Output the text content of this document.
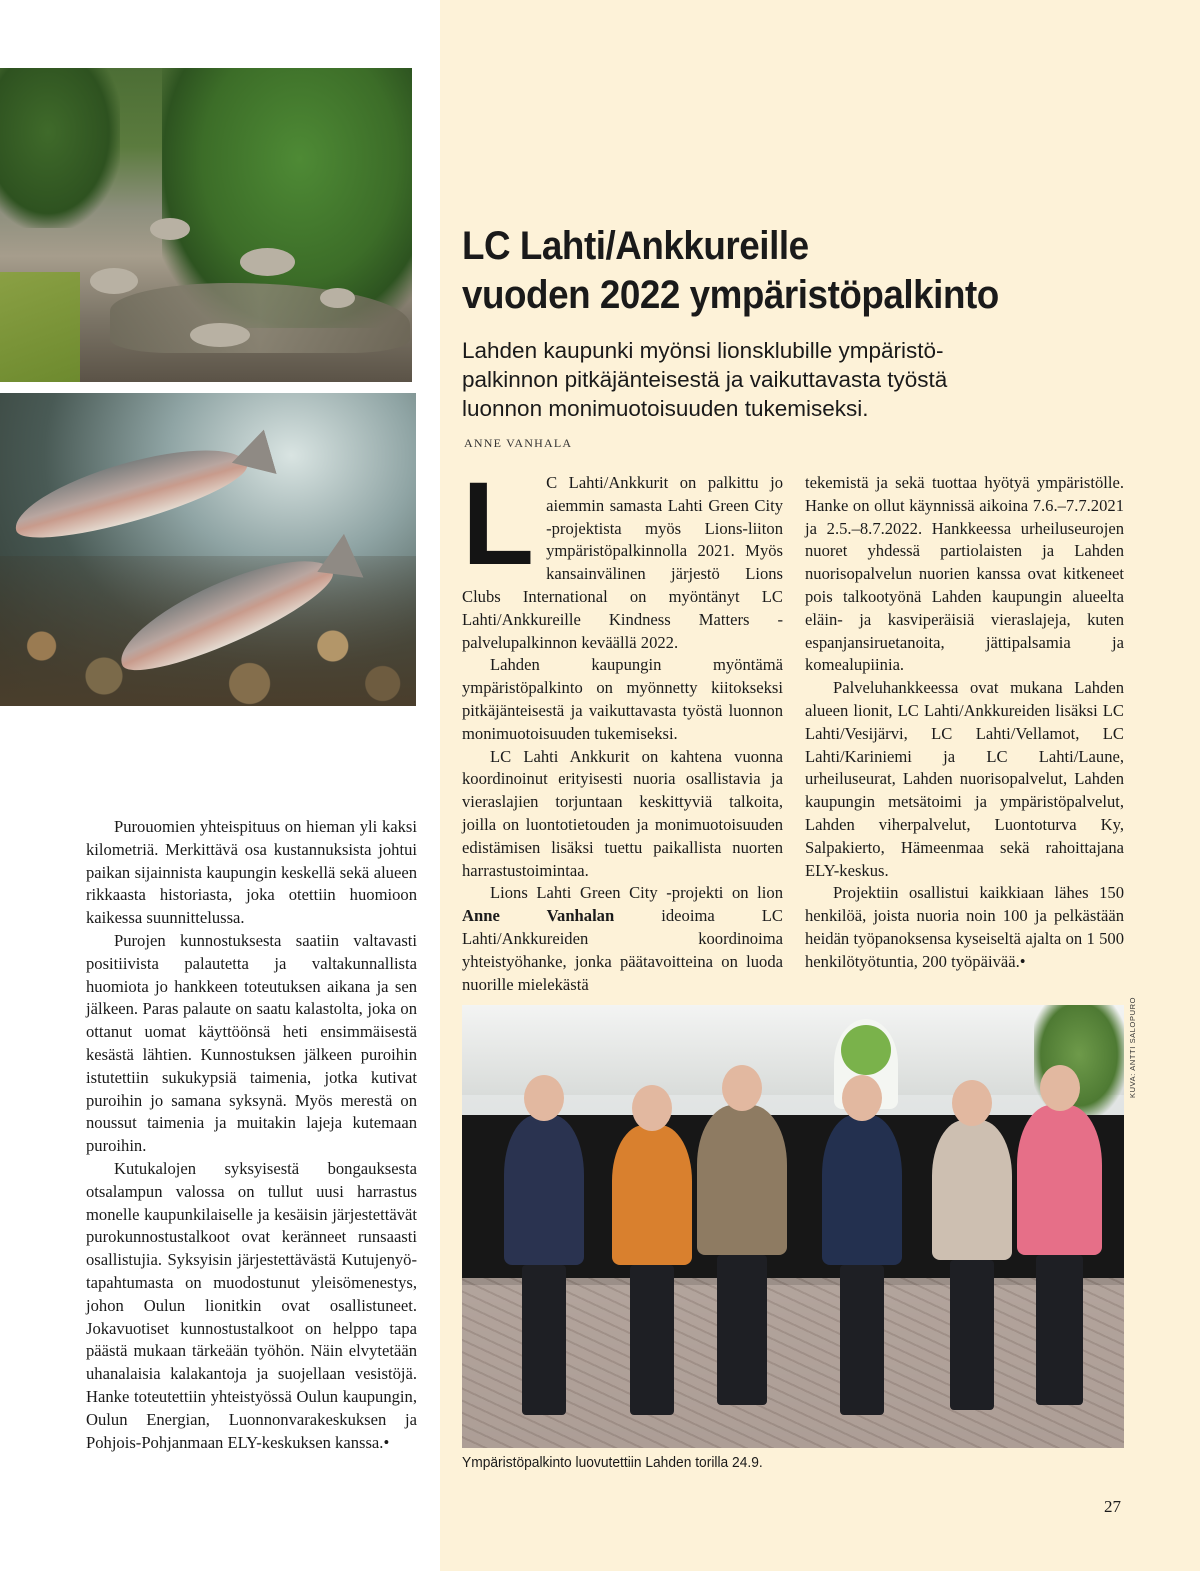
Purouomien yhteispituus on hieman yli kaksi kilometriä. Merkittävä osa kustannuksista johtui paikan sijainnista kaupungin keskellä sekä alueen rikkaasta historiasta, joka otettiin huomioon kaikessa suunnittelussa.

Purojen kunnostuksesta saatiin valtavasti positiivista palautetta ja valtakunnallista huomiota jo hankkeen toteutuksen aikana ja sen jälkeen. Paras palaute on saatu kalastolta, joka on ottanut uomat käyttöönsä heti ensimmäisestä kesästä lähtien. Kunnostuksen jälkeen puroihin istutettiin sukukypsiä taimenia, jotka kutivat puroihin jo samana syksynä. Myös merestä on noussut taimenia ja muitakin lajeja kutemaan puroihin.

Kutukalojen syksyisestä bongauksesta otsalampun valossa on tullut uusi harrastus monelle kaupunkilaiselle ja kesäisin järjestettävät purokunnostustalkoot ovat keränneet runsaasti osallistujia. Syksyisin järjestettävästä Kutujenyö-tapahtumasta on muodostunut yleisömenestys, johon Oulun lionitkin ovat osallistuneet. Jokavuotiset kunnostustalkoot on helppo tapa päästä mukaan tärkeään työhön. Näin elvytetään uhanalaisia kalakantoja ja suojellaan vesistöjä. Hanke toteutettiin yhteistyössä Oulun kaupungin, Oulun Energian, Luonnonvarakeskuksen ja Pohjois-Pohjanmaan ELY-keskuksen kanssa.•

LC Lahti/Ankkureille
vuoden 2022 ympäristöpalkinto

Lahden kaupunki myönsi lionsklubille ympäristö-
palkinnon pitkäjänteisestä ja vaikuttavasta työstä
luonnon monimuotoisuuden tukemiseksi.

ANNE VANHALA
L C Lahti/Ankkurit on palkittu jo aiemmin samasta Lahti Green City -projektista myös Lions-liiton ympäristöpalkinnolla 2021. Myös kansainvälinen järjestö Lions Clubs International on myöntänyt LC Lahti/Ankkureille Kindness Matters -palvelupalkinnon keväällä 2022.

Lahden kaupungin myöntämä ympäristöpalkinto on myönnetty kiitokseksi pitkäjänteisestä ja vaikuttavasta työstä luonnon monimuotoisuuden tukemiseksi.

LC Lahti Ankkurit on kahtena vuonna koordinoinut erityisesti nuoria osallistavia ja vieraslajien torjuntaan keskittyviä talkoita, joilla on luontotietouden ja monimuotoisuuden edistämisen lisäksi tuettu paikallista nuorten harrastustoimintaa.

Lions Lahti Green City -projekti on lion Anne Vanhalan ideoima LC Lahti/Ankkureiden koordinoima yhteistyöhanke, jonka päätavoitteina on luoda nuorille mielekästä

tekemistä ja sekä tuottaa hyötyä ympäristölle. Hanke on ollut käynnissä aikoina 7.6.–7.7.2021 ja 2.5.–8.7.2022. Hankkeessa urheiluseurojen nuoret yhdessä partiolaisten ja Lahden nuorisopalvelun nuorien kanssa ovat kitkeneet pois talkootyönä Lahden kaupungin alueelta eläin- ja kasviperäisiä vieraslajeja, kuten espanjansiruetanoita, jättipalsamia ja komealupiinia.

Palveluhankkeessa ovat mukana Lahden alueen lionit, LC Lahti/Ankkureiden lisäksi LC Lahti/Vesijärvi, LC Lahti/Vellamot, LC Lahti/Kariniemi ja LC Lahti/Laune, urheiluseurat, Lahden nuorisopalvelut, Lahden kaupungin metsätoimi ja ympäristöpalvelut, Lahden viherpalvelut, Luontoturva Ky, Salpakierto, Hämeenmaa sekä rahoittajana ELY-keskus.

Projektiin osallistui kaikkiaan lähes 150 henkilöä, joista nuoria noin 100 ja pelkästään heidän työpanoksensa kyseiseltä ajalta on 1 500 henkilötyötuntia, 200 työpäivää.•

KUVA: ANTTI SALOPURO
Ympäristöpalkinto luovutettiin Lahden torilla 24.9.
27
